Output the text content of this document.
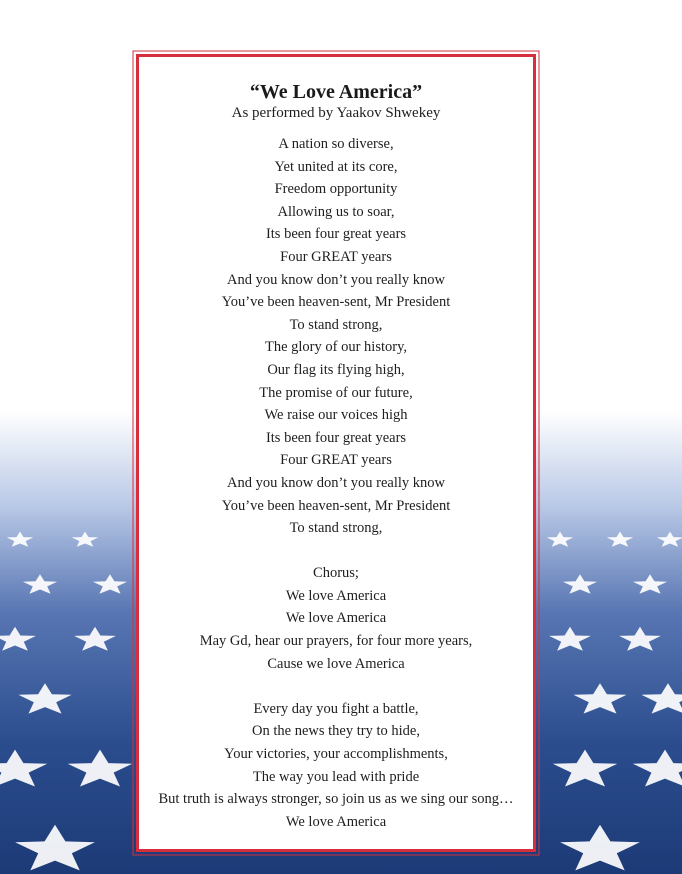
“We Love America”
As performed by Yaakov Shwekey
A nation so diverse,
Yet united at its core,
Freedom opportunity
Allowing us to soar,
Its been four great years
Four GREAT years
And you know don’t you really know
You’ve been heaven-sent, Mr President
To stand strong,
The glory of our history,
Our flag its flying high,
The promise of our future,
We raise our voices high
Its been four great years
Four GREAT years
And you know don’t you really know
You’ve been heaven-sent, Mr President
To stand strong,
Chorus;
We love America
We love America
May Gd, hear our prayers, for four more years,
Cause we love America
Every day you fight a battle,
On the news they try to hide,
Your victories, your accomplishments,
The way you lead with pride
But truth is always stronger, so join us as we sing our song…
We love America
